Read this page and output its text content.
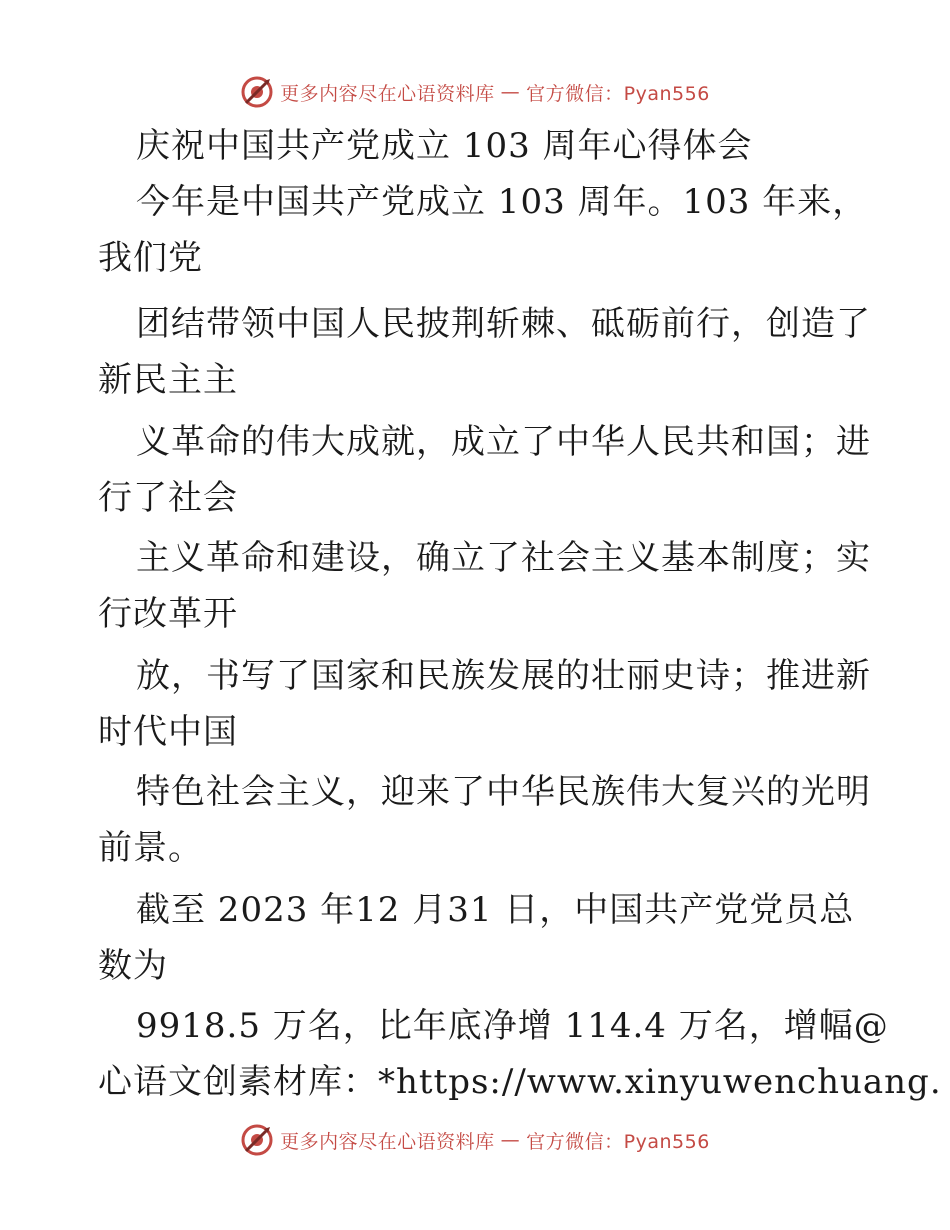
更多内容尽在心语资料库 — 官方微信：Pyan556
庆祝中国共产党成立 103 周年心得体会
今年是中国共产党成立 103 周年。103 年来，
我们党
团结带领中国人民披荆斩棘、砥砺前行，创造了
新民主主
义革命的伟大成就，成立了中华人民共和国；进
行了社会
主义革命和建设，确立了社会主义基本制度；实
行改革开
放，书写了国家和民族发展的壮丽史诗；推进新
时代中国
特色社会主义，迎来了中华民族伟大复兴的光明
前景。
截至 2023 年12 月31 日，中国共产党党员总
数为
9918.5 万名，比年底净增 114.4 万名，增幅@
心语文创素材库：*https://www.xinyuwenchuang.
更多内容尽在心语资料库 — 官方微信：Pyan556
